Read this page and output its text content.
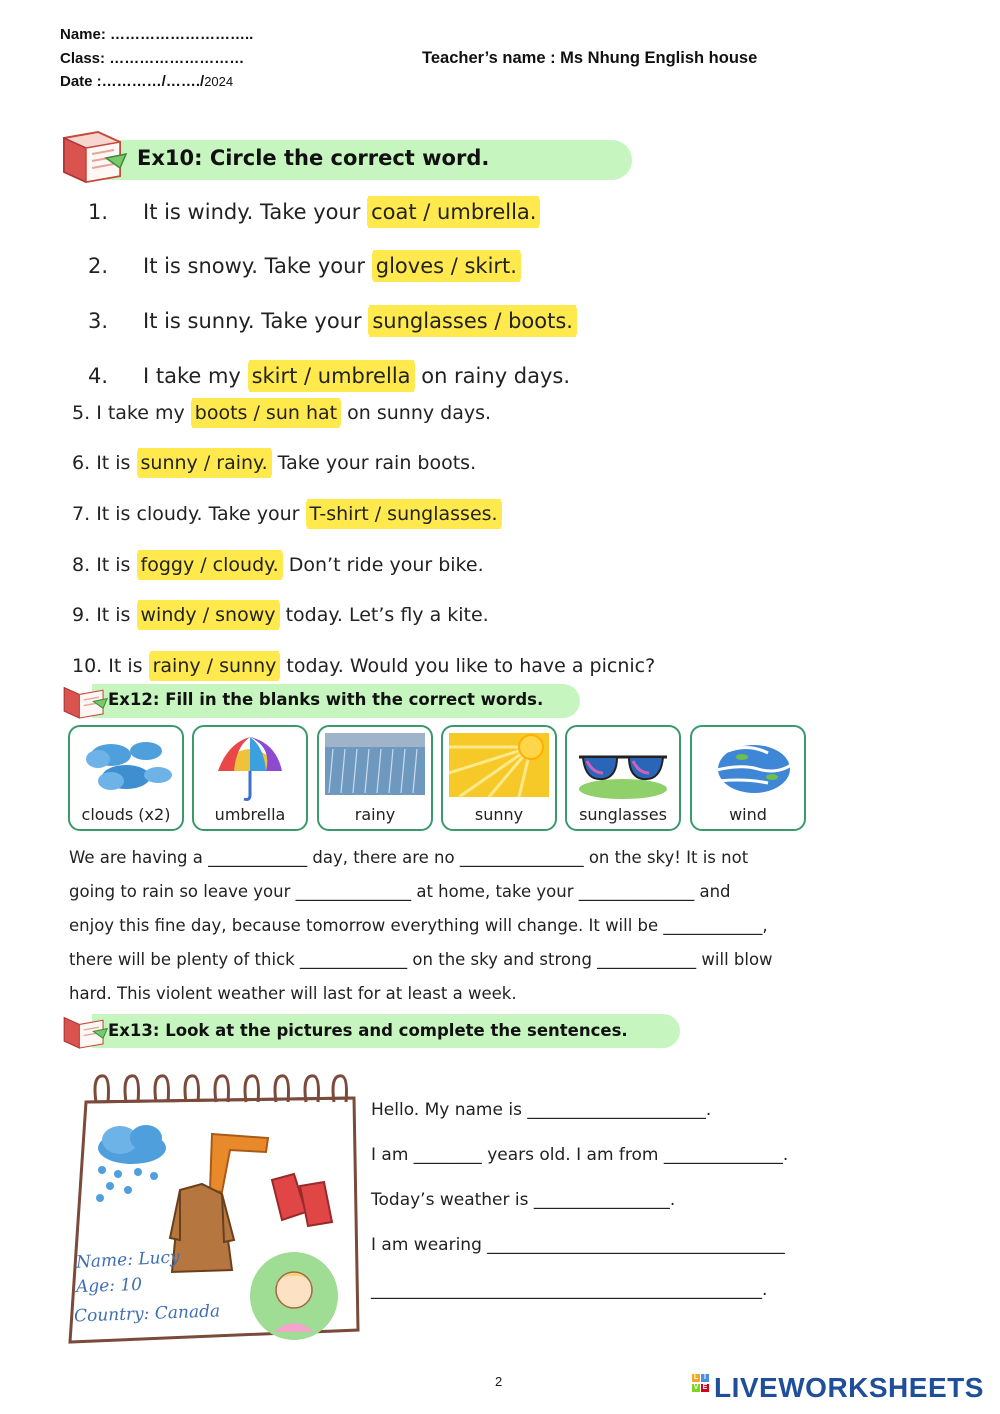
Name: ………………………..
Class: ………………………
Date :…………/……./2024
Teacher’s name : Ms Nhung English house
Ex10: Circle the correct word.
1. It is windy. Take your coat / umbrella.
2. It is snowy. Take your gloves / skirt.
3. It is sunny. Take your sunglasses / boots.
4. I take my skirt / umbrella on rainy days.
5. I take my boots / sun hat on sunny days.
6. It is sunny / rainy. Take your rain boots.
7. It is cloudy. Take your T-shirt / sunglasses.
8. It is foggy / cloudy. Don’t ride your bike.
9. It is windy / snowy today. Let’s fly a kite.
10. It is rainy / sunny today. Would you like to have a picnic?
Ex12: Fill in the blanks with the correct words.
clouds (x2)	umbrella	rainy	sunny	sunglasses	wind
We are having a ____________ day, there are no _______________ on the sky! It is not
going to rain so leave your ______________ at home, take your ______________ and
enjoy this fine day, because tomorrow everything will change. It will be ____________,
there will be plenty of thick _____________ on the sky and strong ____________ will blow
hard. This violent weather will last for at least a week.
Ex13: Look at the pictures and complete the sentences.
Name: Lucy
Age: 10
Country: Canada
Hello. My name is _____________________.
I am ________ years old. I am from ______________.
Today’s weather is ________________.
I am wearing ___________________________________
______________________________________________.
2	L I
V E LIVEWORKSHEETS
